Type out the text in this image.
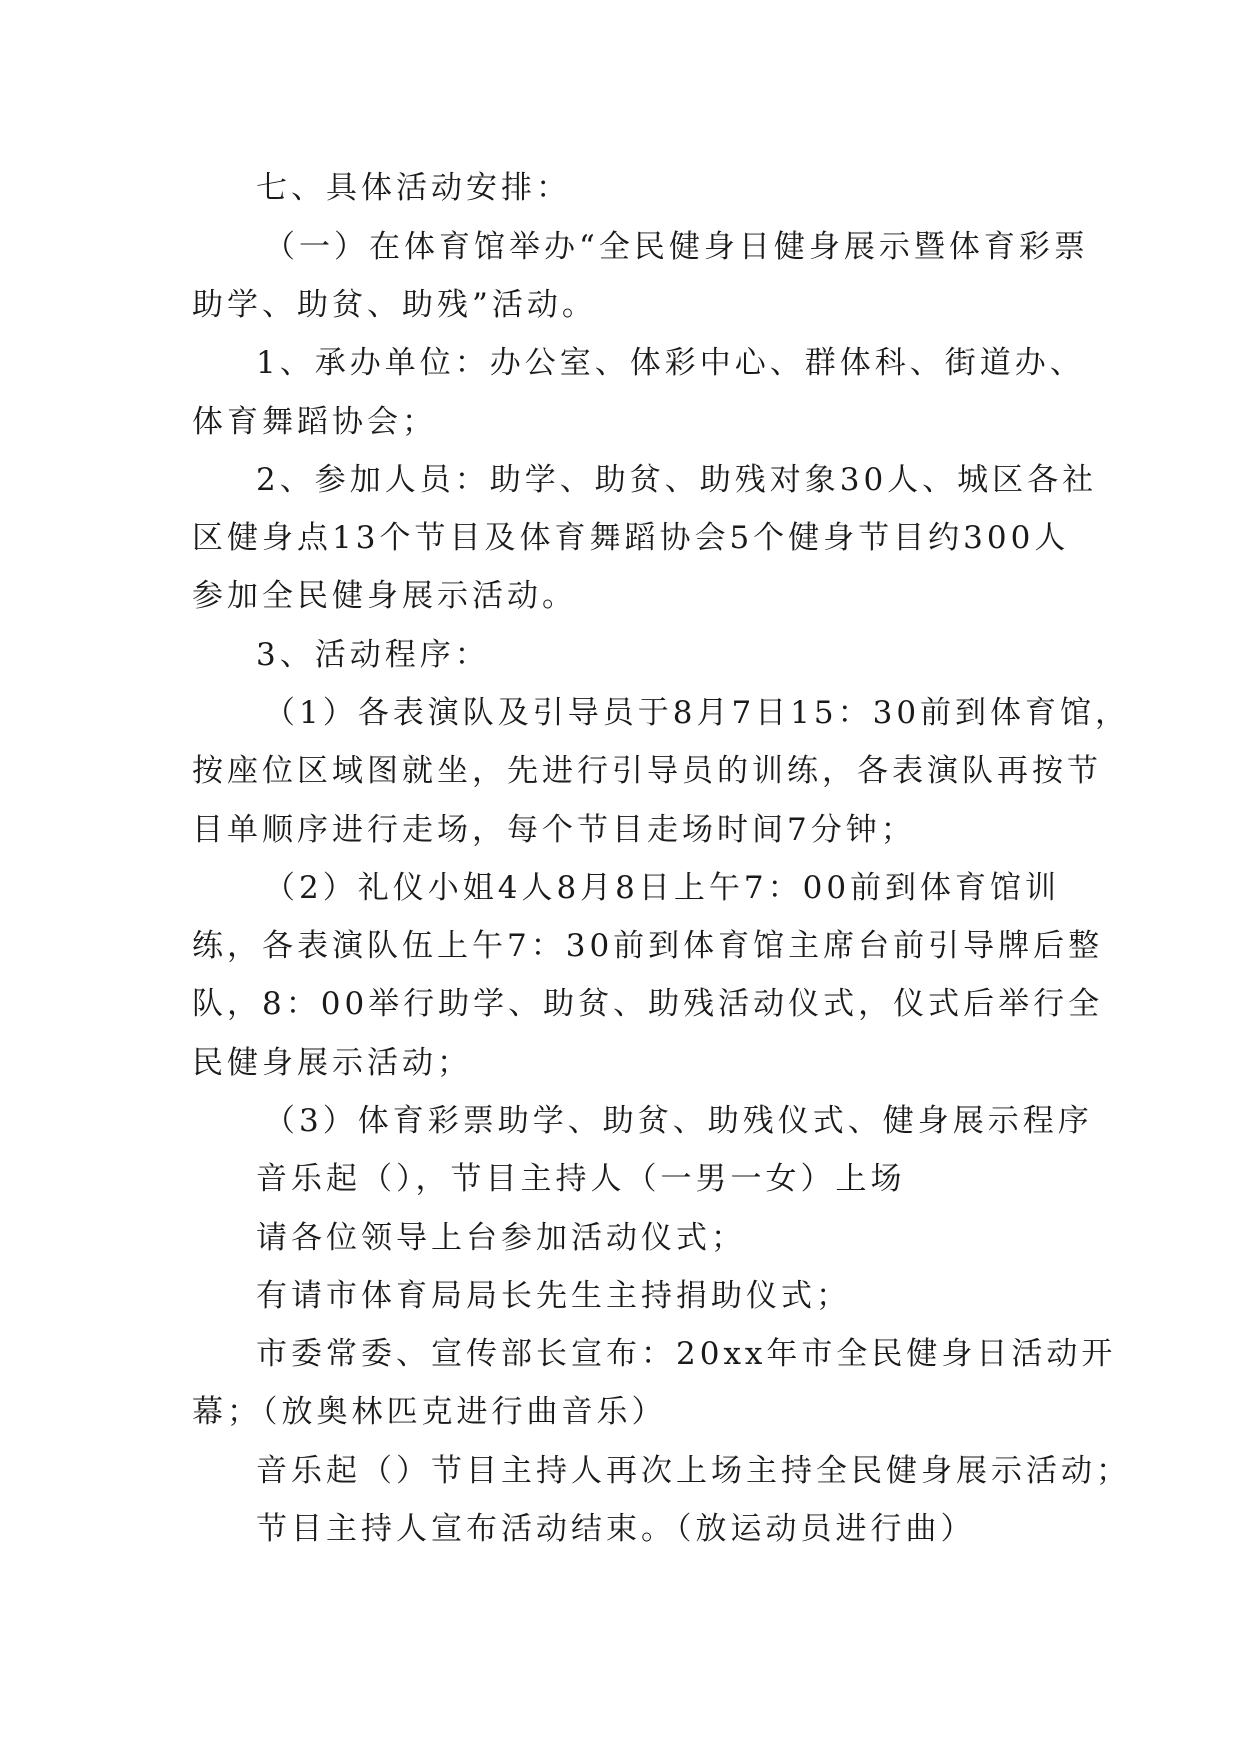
七、具体活动安排：
（一）在体育馆举办“全民健身日健身展示暨体育彩票
助学、助贫、助残”活动。
1、承办单位：办公室、体彩中心、群体科、街道办、
体育舞蹈协会；
2、参加人员：助学、助贫、助残对象30人、城区各社
区健身点13个节目及体育舞蹈协会5个健身节目约300人
参加全民健身展示活动。
3、活动程序：
（1）各表演队及引导员于8月7日15：30前到体育馆，
按座位区域图就坐，先进行引导员的训练，各表演队再按节
目单顺序进行走场，每个节目走场时间7分钟；
（2）礼仪小姐4人8月8日上午7：00前到体育馆训
练，各表演队伍上午7：30前到体育馆主席台前引导牌后整
队，8：00举行助学、助贫、助残活动仪式，仪式后举行全
民健身展示活动；
（3）体育彩票助学、助贫、助残仪式、健身展示程序
音乐起（），节目主持人（一男一女）上场
请各位领导上台参加活动仪式；
有请市体育局局长先生主持捐助仪式；
市委常委、宣传部长宣布：20xx年市全民健身日活动开
幕；（放奥林匹克进行曲音乐）
音乐起（）节目主持人再次上场主持全民健身展示活动；
节目主持人宣布活动结束。（放运动员进行曲）
